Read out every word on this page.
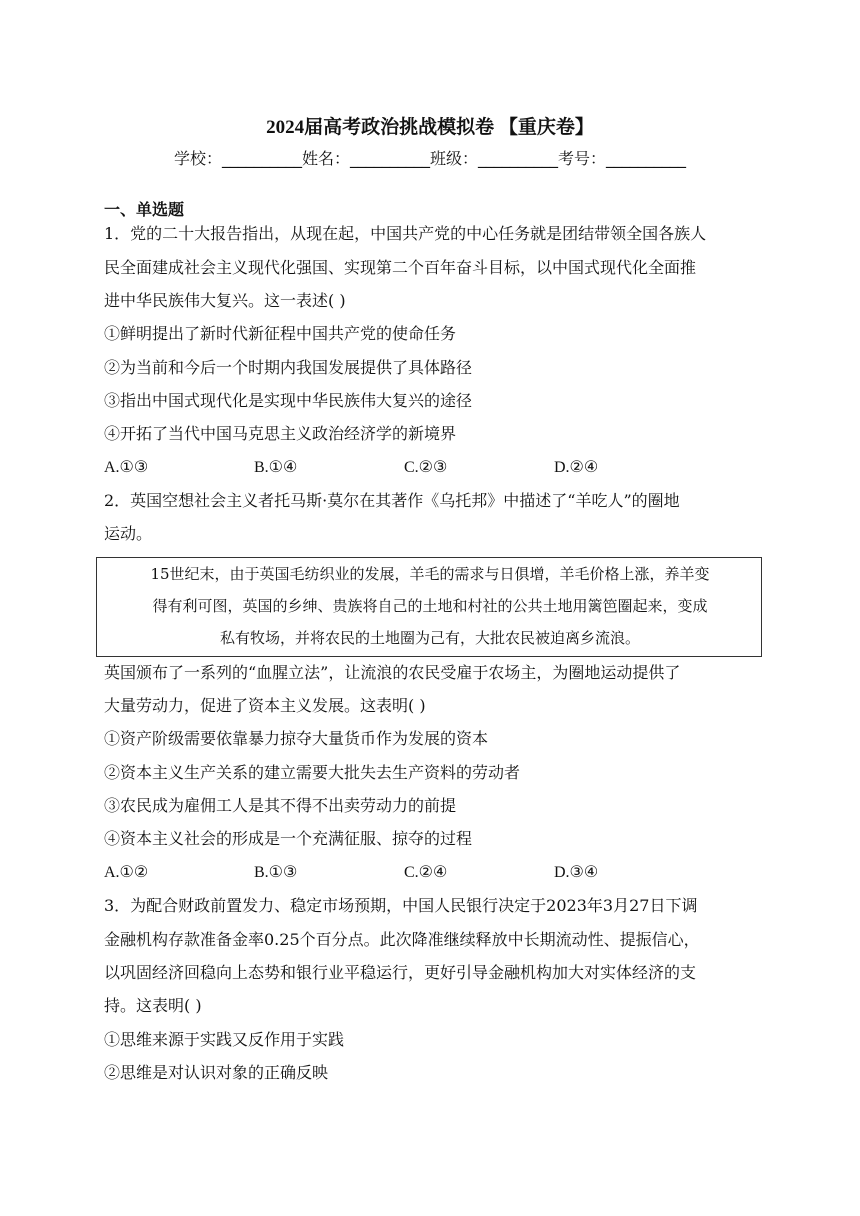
2024届高考政治挑战模拟卷 【重庆卷】
学校：__________姓名：__________班级：__________考号：__________
一、单选题
1．党的二十大报告指出，从现在起，中国共产党的中心任务就是团结带领全国各族人
民全面建成社会主义现代化强国、实现第二个百年奋斗目标，以中国式现代化全面推
进中华民族伟大复兴。这一表述( )
①鲜明提出了新时代新征程中国共产党的使命任务
②为当前和今后一个时期内我国发展提供了具体路径
③指出中国式现代化是实现中华民族伟大复兴的途径
④开拓了当代中国马克思主义政治经济学的新境界
A.①③	B.①④	C.②③	D.②④
2．英国空想社会主义者托马斯·莫尔在其著作《乌托邦》中描述了“羊吃人”的圈地
运动。
15世纪末，由于英国毛纺织业的发展，羊毛的需求与日俱增，羊毛价格上涨，养羊变
得有利可图，英国的乡绅、贵族将自己的土地和村社的公共土地用篱笆圈起来，变成
私有牧场，并将农民的土地圈为己有，大批农民被迫离乡流浪。
英国颁布了一系列的“血腥立法”，让流浪的农民受雇于农场主，为圈地运动提供了
大量劳动力，促进了资本主义发展。这表明( )
①资产阶级需要依靠暴力掠夺大量货币作为发展的资本
②资本主义生产关系的建立需要大批失去生产资料的劳动者
③农民成为雇佣工人是其不得不出卖劳动力的前提
④资本主义社会的形成是一个充满征服、掠夺的过程
A.①②	B.①③	C.②④	D.③④
3．为配合财政前置发力、稳定市场预期，中国人民银行决定于2023年3月27日下调
金融机构存款准备金率0.25个百分点。此次降准继续释放中长期流动性、提振信心，
以巩固经济回稳向上态势和银行业平稳运行，更好引导金融机构加大对实体经济的支
持。这表明( )
①思维来源于实践又反作用于实践
②思维是对认识对象的正确反映
